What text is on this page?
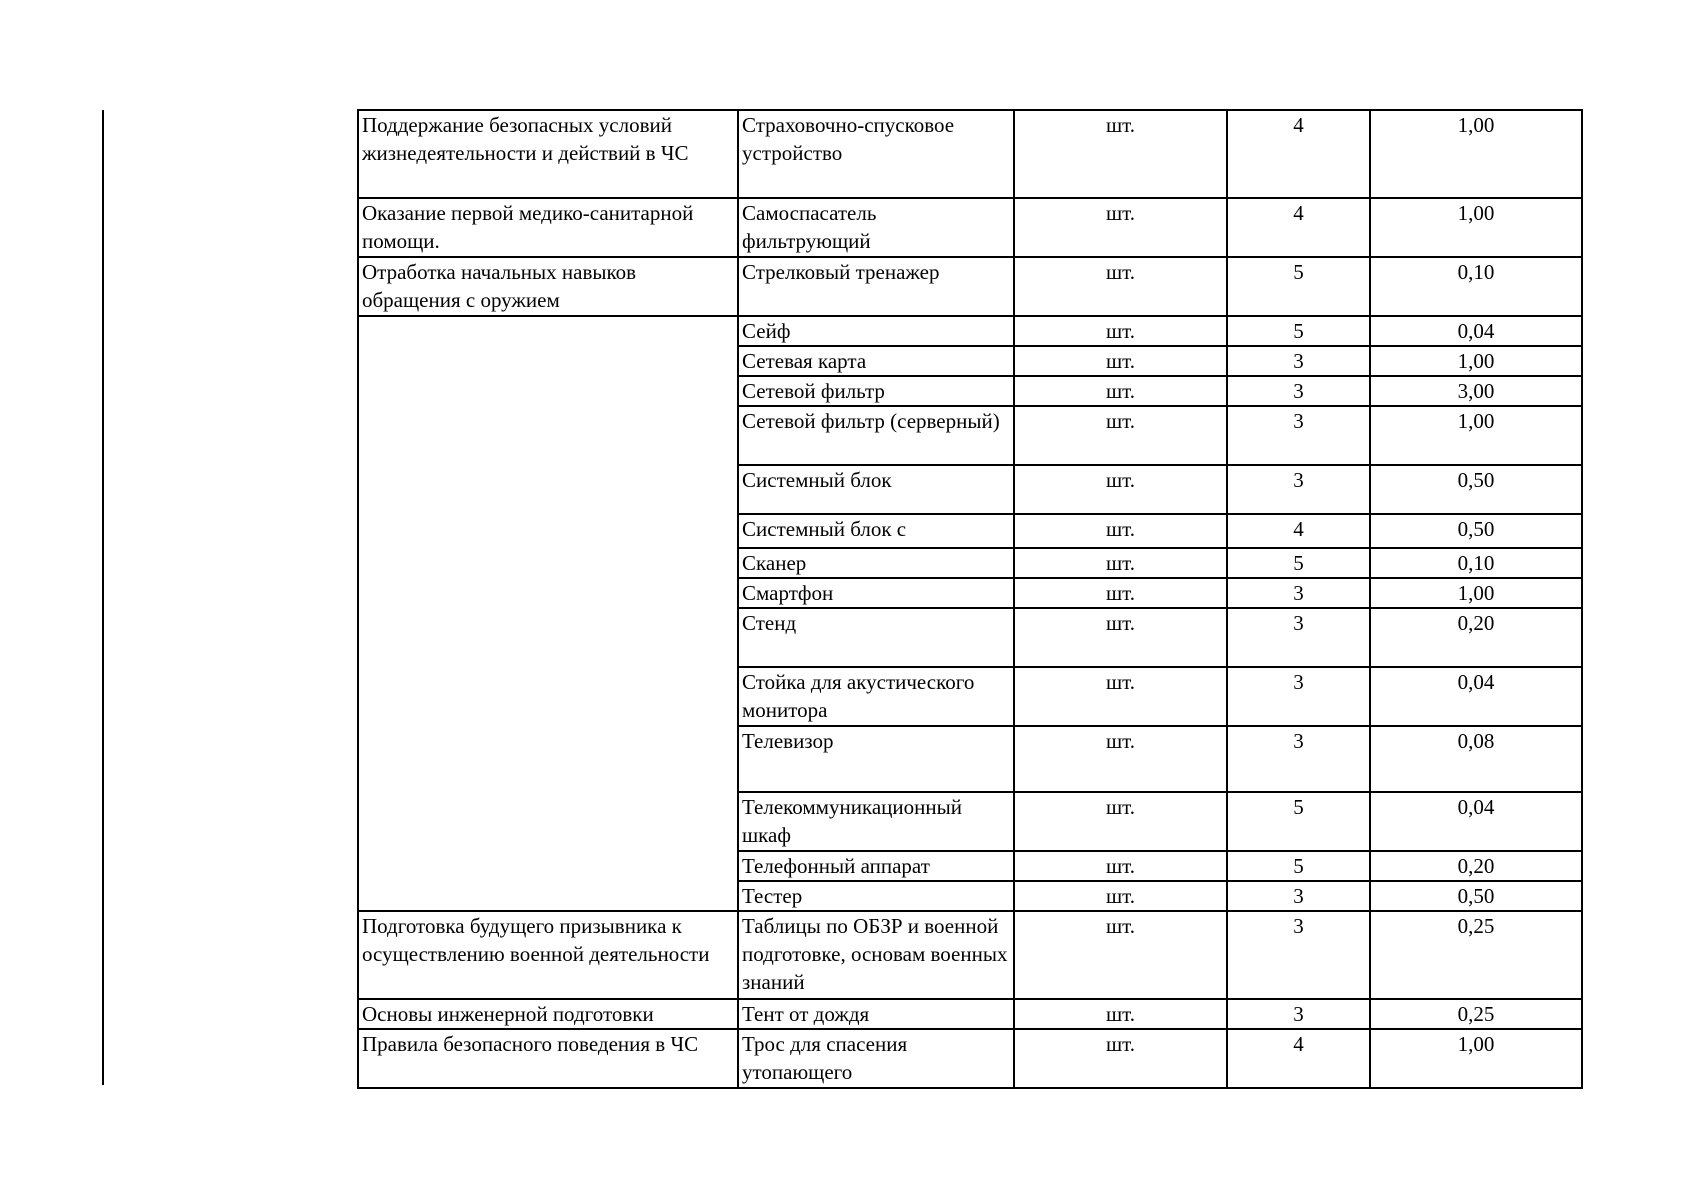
Поддержание безопасных условий жизнедеятельности и действий в ЧС	Страховочно-спусковое устройство	шт.	4	1,00
Оказание первой медико-санитарной помощи.	Самоспасатель фильтрующий	шт.	4	1,00
Отработка начальных навыков обращения с оружием	Стрелковый тренажер	шт.	5	0,10
	Сейф	шт.	5	0,04
	Сетевая карта	шт.	3	1,00
	Сетевой фильтр	шт.	3	3,00
	Сетевой фильтр (серверный)	шт.	3	1,00
	Системный блок	шт.	3	0,50
	Системный блок с	шт.	4	0,50
	Сканер	шт.	5	0,10
	Смартфон	шт.	3	1,00
	Стенд	шт.	3	0,20
	Стойка для акустического монитора	шт.	3	0,04
	Телевизор	шт.	3	0,08
	Телекоммуникационный шкаф	шт.	5	0,04
	Телефонный аппарат	шт.	5	0,20
	Тестер	шт.	3	0,50
Подготовка будущего призывника к осуществлению военной деятельности	Таблицы по ОБЗР и военной подготовке, основам военных знаний	шт.	3	0,25
Основы инженерной подготовки	Тент от дождя	шт.	3	0,25
Правила безопасного поведения в ЧС	Трос для спасения утопающего	шт.	4	1,00
